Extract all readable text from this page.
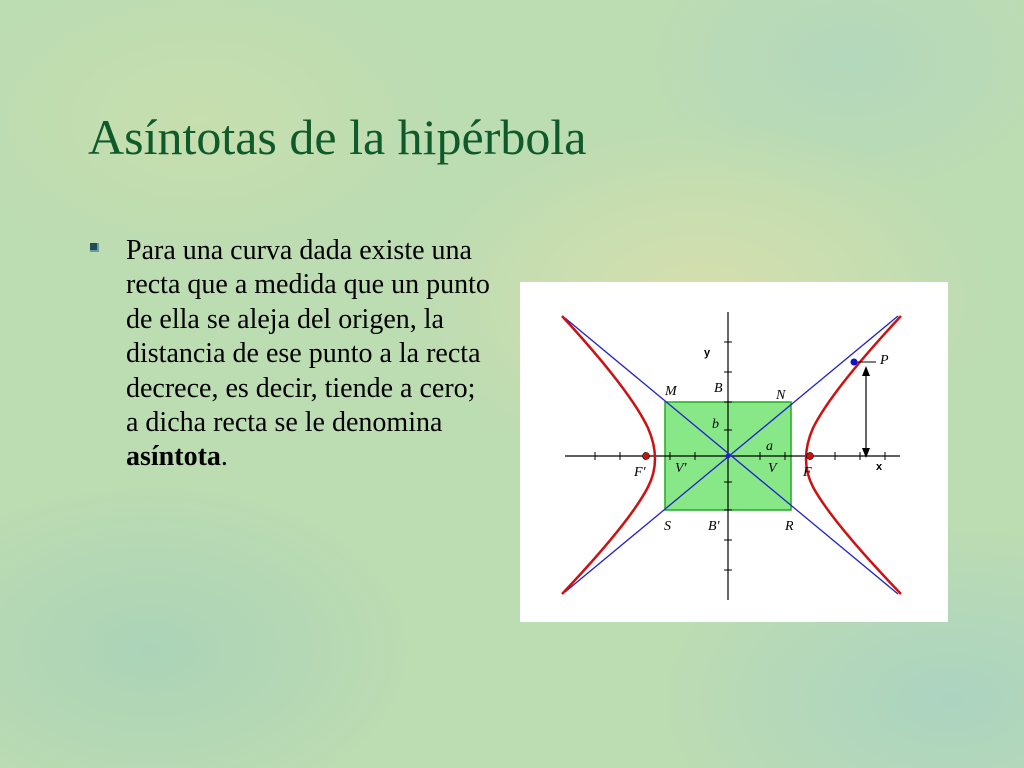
Asíntotas de la hipérbola
Para una curva dada existe una recta que a medida que un punto de ella se aleja del origen, la distancia de ese punto a la recta decrece, es decir, tiende a cero; a dicha recta se le denomina asíntota.
y
x
M	B	N
b
a
F' V'	V F
S	B'	R
P
